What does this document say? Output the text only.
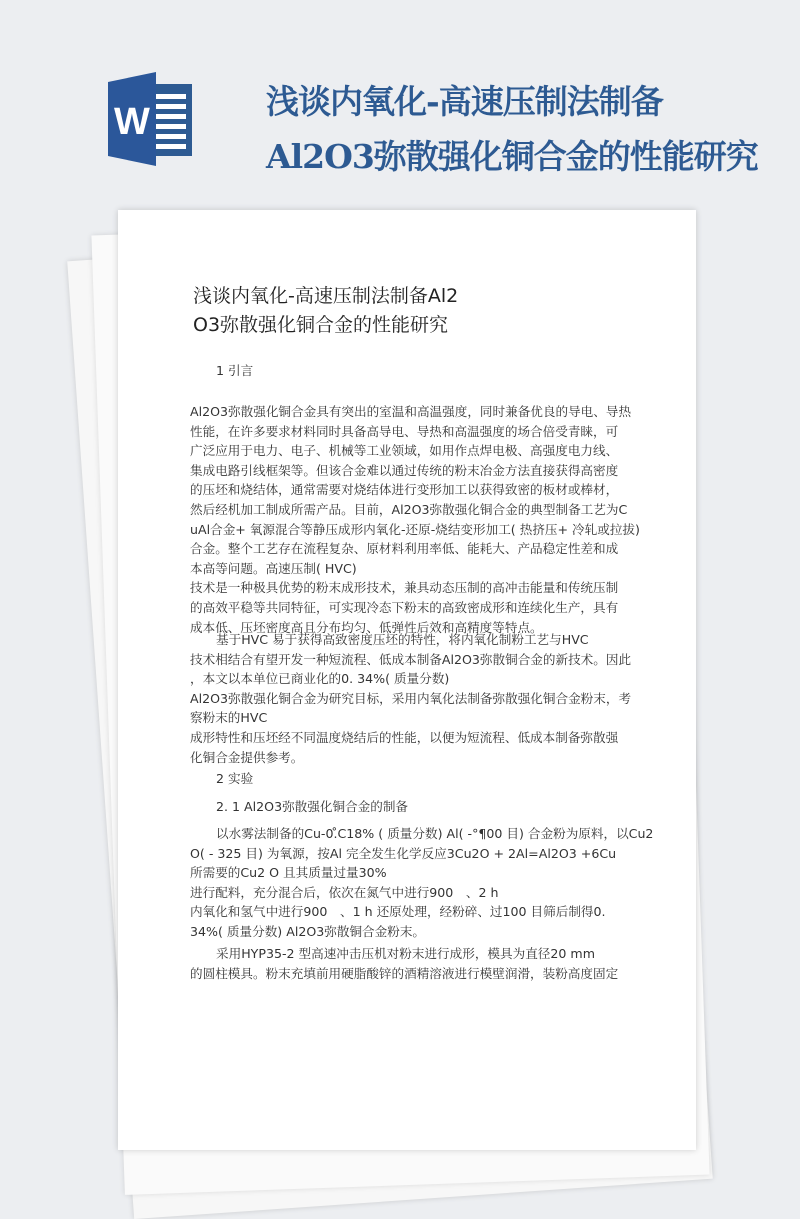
W	浅谈内氧化-高速压制法制备
Al2O3弥散强化铜合金的性能研究
浅谈内氧化-高速压制法制备Al2
O3弥散强化铜合金的性能研究
1 引言
Al2O3弥散强化铜合金具有突出的室温和高温强度，同时兼备优良的导电、导热
性能，在许多要求材料同时具备高导电、导热和高温强度的场合倍受青睐，可
广泛应用于电力、电子、机械等工业领域，如用作点焊电极、高强度电力线、
集成电路引线框架等。但该合金难以通过传统的粉末冶金方法直接获得高密度
的压坯和烧结体，通常需要对烧结体进行变形加工以获得致密的板材或棒材，
然后经机加工制成所需产品。目前，Al2O3弥散强化铜合金的典型制备工艺为C
uAl合金+ 氧源混合等静压成形内氧化-还原-烧结变形加工( 热挤压+ 冷轧或拉拔)
合金。整个工艺存在流程复杂、原材料利用率低、能耗大、产品稳定性差和成
本高等问题。高速压制( HVC)
技术是一种极具优势的粉末成形技术，兼具动态压制的高冲击能量和传统压制
的高效平稳等共同特征，可实现冷态下粉末的高致密成形和连续化生产，具有
成本低、压坯密度高且分布均匀、低弹性后效和高精度等特点。
基于HVC 易于获得高致密度压坯的特性，将内氧化制粉工艺与HVC
技术相结合有望开发一种短流程、低成本制备Al2O3弥散铜合金的新技术。因此
，本文以本单位已商业化的0. 34%( 质量分数)
Al2O3弥散强化铜合金为研究目标，采用内氧化法制备弥散强化铜合金粉末，考
察粉末的HVC
成形特性和压坯经不同温度烧结后的性能，以便为短流程、低成本制备弥散强
化铜合金提供参考。
2 实验
2. 1 Al2O3弥散强化铜合金的制备
以水雾法制备的Cu-0.̊C18% ( 质量分数) Al( -°¶00 目) 合金粉为原料，以Cu2
O( - 325 目) 为氧源，按Al 完全发生化学反应3Cu2O + 2Al=Al2O3 +6Cu
所需要的Cu2 O 且其质量过量30%
进行配料，充分混合后，依次在氮气中进行900　、2 h
内氧化和氢气中进行900　、1 h 还原处理，经粉碎、过100 目筛后制得0.
34%( 质量分数) Al2O3弥散铜合金粉末。
采用HYP35-2 型高速冲击压机对粉末进行成形，模具为直径20 mm
的圆柱模具。粉末充填前用硬脂酸锌的酒精溶液进行模壁润滑，装粉高度固定
